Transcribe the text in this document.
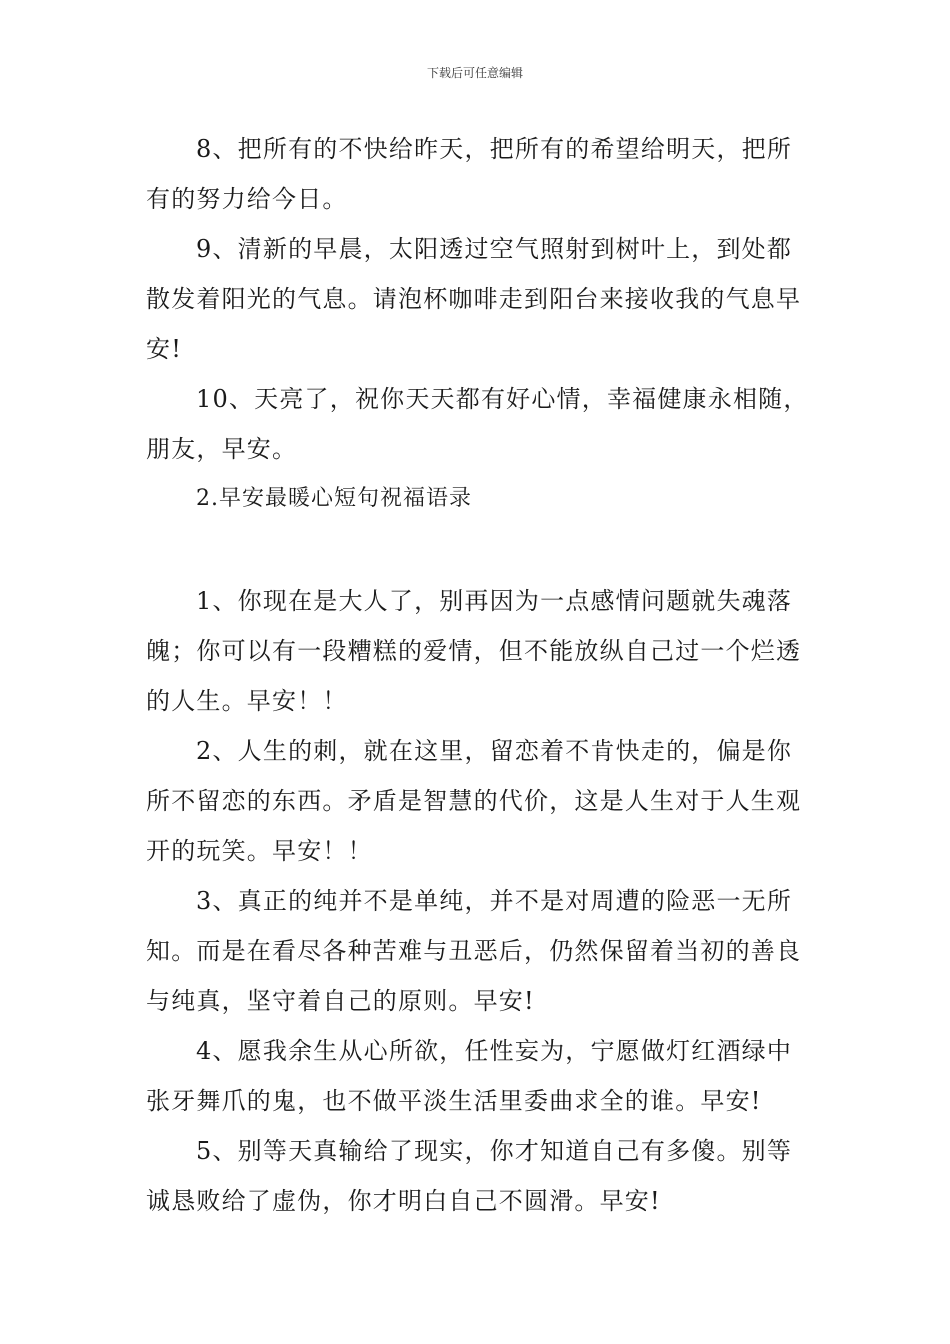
下载后可任意编辑

8、把所有的不快给昨天，把所有的希望给明天，把所有的努力给今日。

9、清新的早晨，太阳透过空气照射到树叶上，到处都散发着阳光的气息。请泡杯咖啡走到阳台来接收我的气息早安!

10、天亮了，祝你天天都有好心情，幸福健康永相随，朋友，早安。

2.早安最暖心短句祝福语录

1、你现在是大人了，别再因为一点感情问题就失魂落魄；你可以有一段糟糕的爱情，但不能放纵自己过一个烂透的人生。早安！！

2、人生的刺，就在这里，留恋着不肯快走的，偏是你所不留恋的东西。矛盾是智慧的代价，这是人生对于人生观开的玩笑。早安！！

3、真正的纯并不是单纯，并不是对周遭的险恶一无所知。而是在看尽各种苦难与丑恶后，仍然保留着当初的善良与纯真，坚守着自己的原则。早安!

4、愿我余生从心所欲，任性妄为，宁愿做灯红酒绿中张牙舞爪的鬼，也不做平淡生活里委曲求全的谁。早安!

5、别等天真输给了现实，你才知道自己有多傻。别等诚恳败给了虚伪，你才明白自己不圆滑。早安!
